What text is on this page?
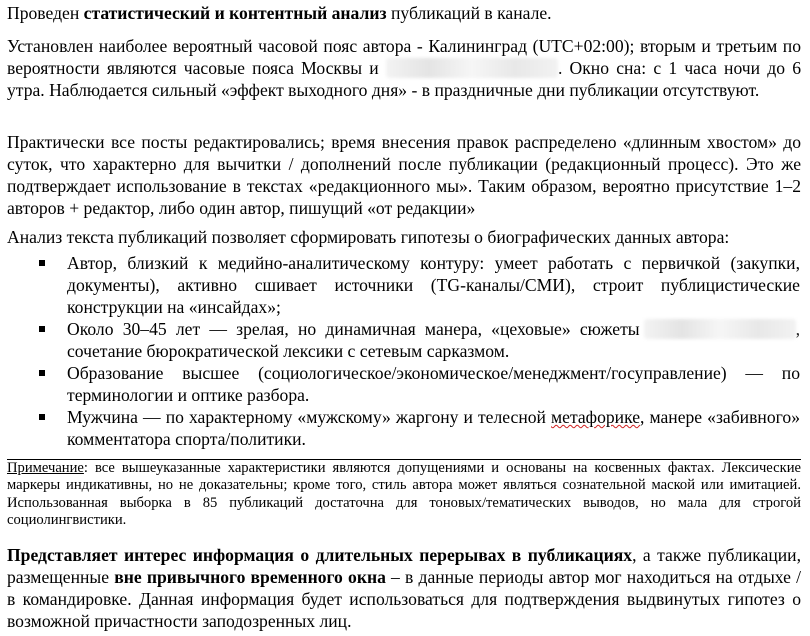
Проведен статистический и контентный анализ публикаций в канале.
Установлен наиболее вероятный часовой пояс автора - Калининград (UTC+02:00); вторым и третьим по вероятности являются часовые пояса Москвы и	. Окно сна: с 1 часа ночи до 6 утра. Наблюдается сильный «эффект выходного дня» - в праздничные дни публикации отсутствуют.
Практически все посты редактировались; время внесения правок распределено «длинным хвостом» до суток, что характерно для вычитки / дополнений после публикации (редакционный процесс). Это же подтверждает использование в текстах «редакционного мы». Таким образом, вероятно присутствие 1–2 авторов + редактор, либо один автор, пишущий «от редакции»
Анализ текста публикаций позволяет сформировать гипотезы о биографических данных автора:
Автор, близкий к медийно-аналитическому контуру: умеет работать с первичкой (закупки, документы), активно сшивает источники (TG-каналы/СМИ), строит публицистические конструкции на «инсайдах»;
Около 30–45 лет — зрелая, но динамичная манера, «цеховые» сюжеты	, сочетание бюрократической лексики с сетевым сарказмом.
Образование высшее (социологическое/экономическое/менеджмент/госуправление) — по терминологии и оптике разбора.
Мужчина — по характерному «мужскому» жаргону и телесной метафорике, манере «забивного» комментатора спорта/политики.
Примечание: все вышеуказанные характеристики являются допущениями и основаны на косвенных фактах. Лексические маркеры индикативны, но не доказательны; кроме того, стиль автора может являться сознательной маской или имитацией. Использованная выборка в 85 публикаций достаточна для тоновых/тематических выводов, но мала для строгой социолингвистики.
Представляет интерес информация о длительных перерывах в публикациях, а также публикации, размещенные вне привычного временного окна – в данные периоды автор мог находиться на отдыхе / в командировке. Данная информация будет использоваться для подтверждения выдвинутых гипотез о возможной причастности заподозренных лиц.
